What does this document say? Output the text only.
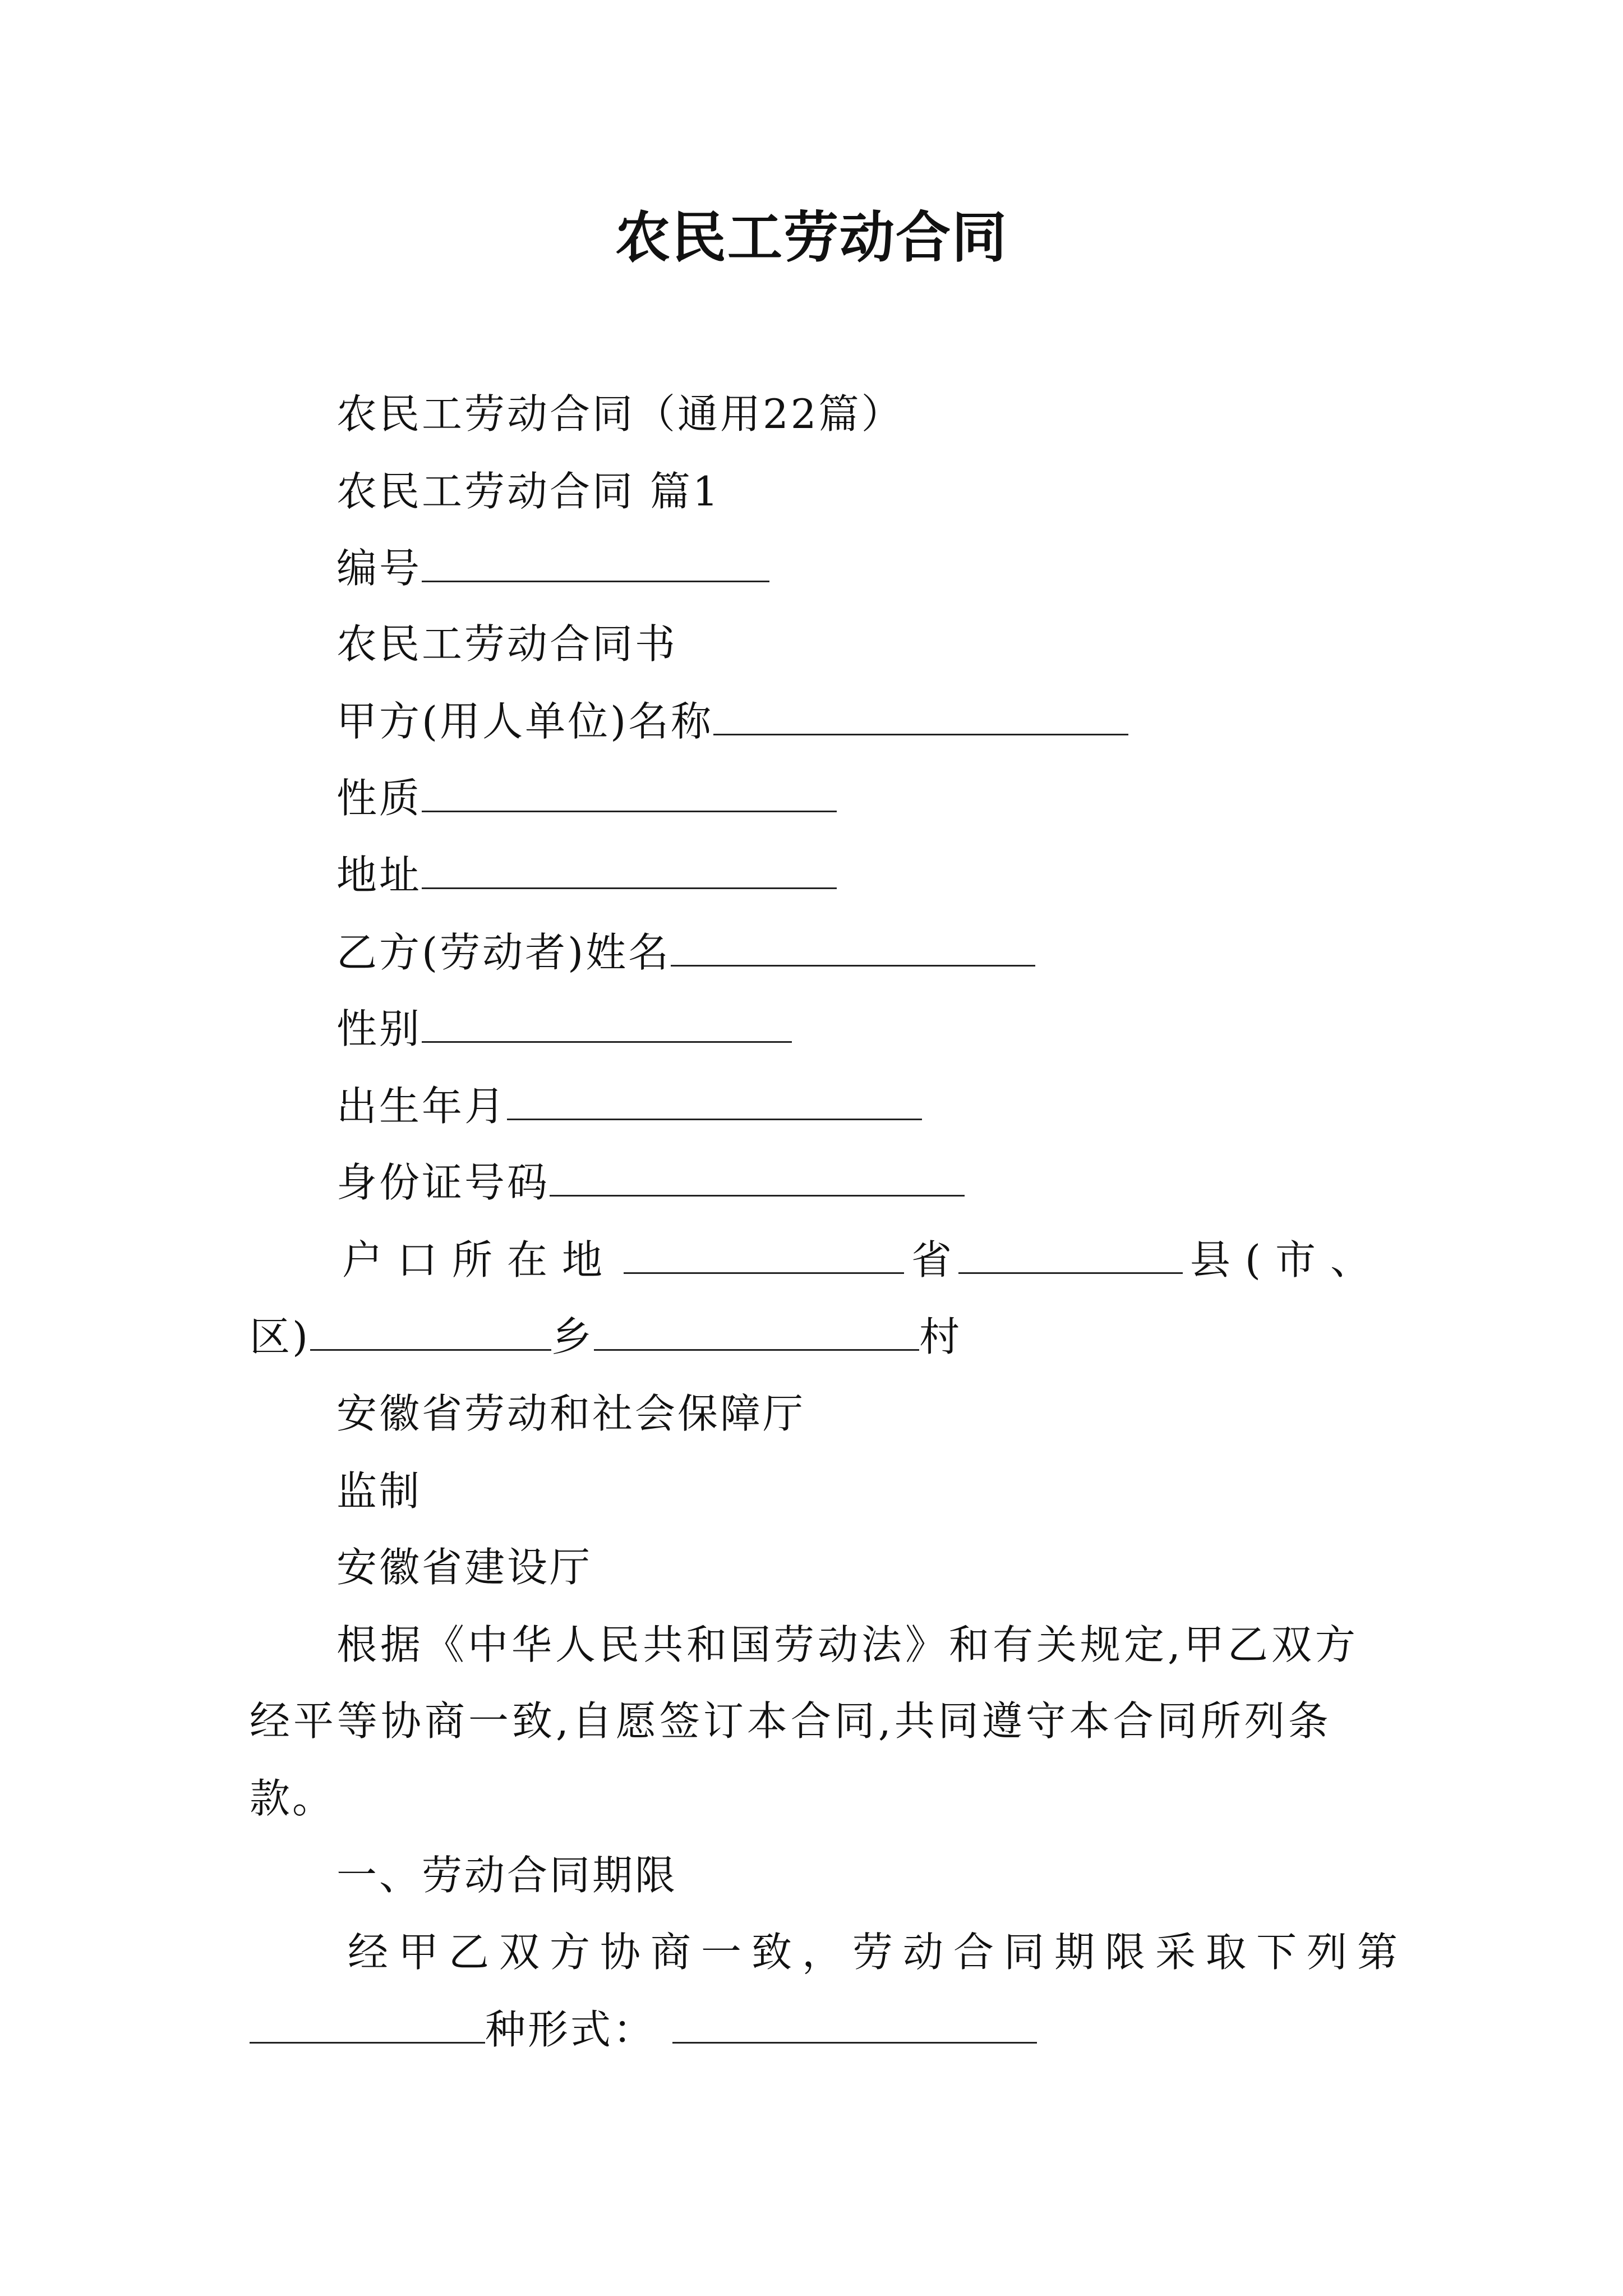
农民工劳动合同
农民工劳动合同（通用22篇）
农民工劳动合同 篇1
编号
农民工劳动合同书
甲方(用人单位)名称
性质
地址
乙方(劳动者)姓名
性别
出生年月
身份证号码
户口所在地	省	县(市、
区)	乡	村
安徽省劳动和社会保障厅
监制
安徽省建设厅
根据《中华人民共和国劳动法》和有关规定,甲乙双方
经平等协商一致,自愿签订本合同,共同遵守本合同所列条
款。
一、劳动合同期限
经甲乙双方协商一致，劳动合同期限采取下列第
种形式：
